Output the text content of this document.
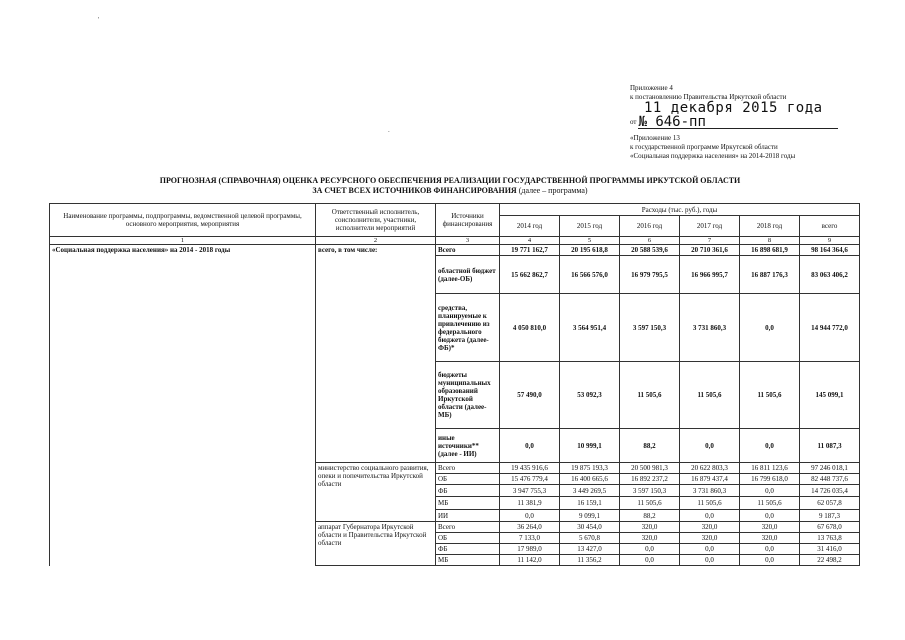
'
.
Приложение 4
к постановлению Правительства Иркутской области
11 декабря 2015 года
$^{от}$ № 646-пп
«Приложение 13
к государственной программе Иркутской области
«Социальная поддержка населения» на 2014-2018 годы
ПРОГНОЗНАЯ (СПРАВОЧНАЯ) ОЦЕНКА РЕСУРСНОГО ОБЕСПЕЧЕНИЯ РЕАЛИЗАЦИИ ГОСУДАРСТВЕННОЙ ПРОГРАММЫ ИРКУТСКОЙ ОБЛАСТИ
ЗА СЧЕТ ВСЕХ ИСТОЧНИКОВ ФИНАНСИРОВАНИЯ (далее – программа)
Наименование программы, подпрограммы, ведомственной целевой программы, основного мероприятия, мероприятия	Ответственный исполнитель, соисполнители, участники, исполнители мероприятий	Источники финансирования	Расходы (тыс. руб.), годы					
			2014 год	2015 год	2016 год	2017 год	2018 год	всего
1	2	3	4	5	6	7	8	9
«Социальная поддержка населения» на 2014 - 2018 годы	всего, в том числе:	Всего	19 771 162,7	20 195 618,8	20 588 539,6	20 710 361,6	16 898 681,9	98 164 364,6
		областной бюджет (далее-ОБ)	15 662 862,7	16 566 576,0	16 979 795,5	16 966 995,7	16 887 176,3	83 063 406,2
		средства, планируемые к привлечению из федерального бюджета (далее-ФБ)*	4 050 810,0	3 564 951,4	3 597 150,3	3 731 860,3	0,0	14 944 772,0
		бюджеты муниципальных образований Иркутской области (далее-МБ)	57 490,0	53 092,3	11 505,6	11 505,6	11 505,6	145 099,1
		иные источники** (далее - ИИ)	0,0	10 999,1	88,2	0,0	0,0	11 087,3
	министерство социального развития, опеки и попечительства Иркутской области	Всего	19 435 916,6	19 875 193,3	20 500 981,3	20 622 803,3	16 811 123,6	97 246 018,1
		ОБ	15 476 779,4	16 400 665,6	16 892 237,2	16 879 437,4	16 799 618,0	82 448 737,6
		ФБ	3 947 755,3	3 449 269,5	3 597 150,3	3 731 860,3	0,0	14 726 035,4
		МБ	11 381,9	16 159,1	11 505,6	11 505,6	11 505,6	62 057,8
		ИИ	0,0	9 099,1	88,2	0,0	0,0	9 187,3
	аппарат Губернатора Иркутской области и Правительства Иркутской области	Всего	36 264,0	30 454,0	320,0	320,0	320,0	67 678,0
		ОБ	7 133,0	5 670,8	320,0	320,0	320,0	13 763,8
		ФБ	17 989,0	13 427,0	0,0	0,0	0,0	31 416,0
		МБ	11 142,0	11 356,2	0,0	0,0	0,0	22 498,2
